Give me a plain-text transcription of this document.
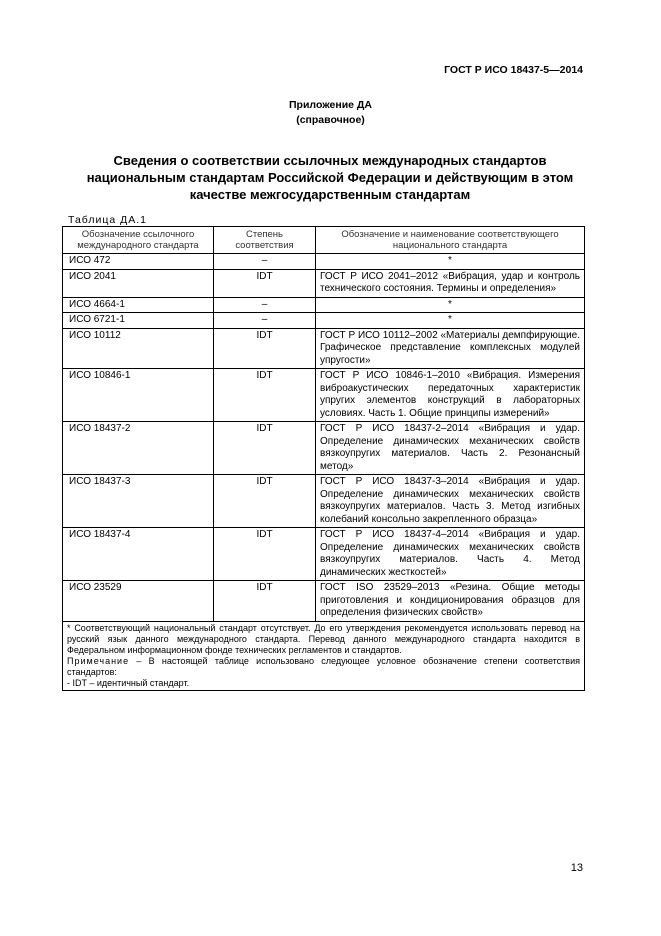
ГОСТ Р ИСО 18437-5—2014
Приложение ДА
(справочное)
Сведения о соответствии ссылочных международных стандартов
национальным стандартам Российской Федерации и действующим в этом
качестве межгосударственным стандартам
Таблица ДА.1
Обозначение ссылочного международного стандарта	Степень соответствия	Обозначение и наименование соответствующего национального стандарта
ИСО 472	–	*
ИСО 2041	IDT	ГОСТ Р ИСО 2041–2012 «Вибрация, удар и контроль технического состояния. Термины и определения»
ИСО 4664-1	–	*
ИСО 6721-1	–	*
ИСО 10112	IDT	ГОСТ Р ИСО 10112–2002 «Материалы демпфирующие. Графическое представление комплексных модулей упругости»
ИСО 10846-1	IDT	ГОСТ Р ИСО 10846-1–2010 «Вибрация. Измерения виброакустических передаточных характеристик упругих элементов конструкций в лабораторных условиях. Часть 1. Общие принципы измерений»
ИСО 18437-2	IDT	ГОСТ Р ИСО 18437-2–2014 «Вибрация и удар. Определение динамических механических свойств вязкоупругих материалов. Часть 2. Резонансный метод»
ИСО 18437-3	IDT	ГОСТ Р ИСО 18437-3–2014 «Вибрация и удар. Определение динамических механических свойств вязкоупругих материалов. Часть 3. Метод изгибных колебаний консольно закрепленного образца»
ИСО 18437-4	IDT	ГОСТ Р ИСО 18437-4–2014 «Вибрация и удар. Определение динамических механических свойств вязкоупругих материалов. Часть 4. Метод динамических жесткостей»
ИСО 23529	IDT	ГОСТ ISO 23529–2013 «Резина. Общие методы приготовления и кондиционирования образцов для определения физических свойств»

* Соответствующий национальный стандарт отсутствует. До его утверждения рекомендуется использовать перевод на русский язык данного международного стандарта. Перевод данного международного стандарта находится в Федеральном информационном фонде технических регламентов и стандартов.
Примечание – В настоящей таблице использовано следующее условное обозначение степени соответствия стандартов:
- IDT – идентичный стандарт.		
13
